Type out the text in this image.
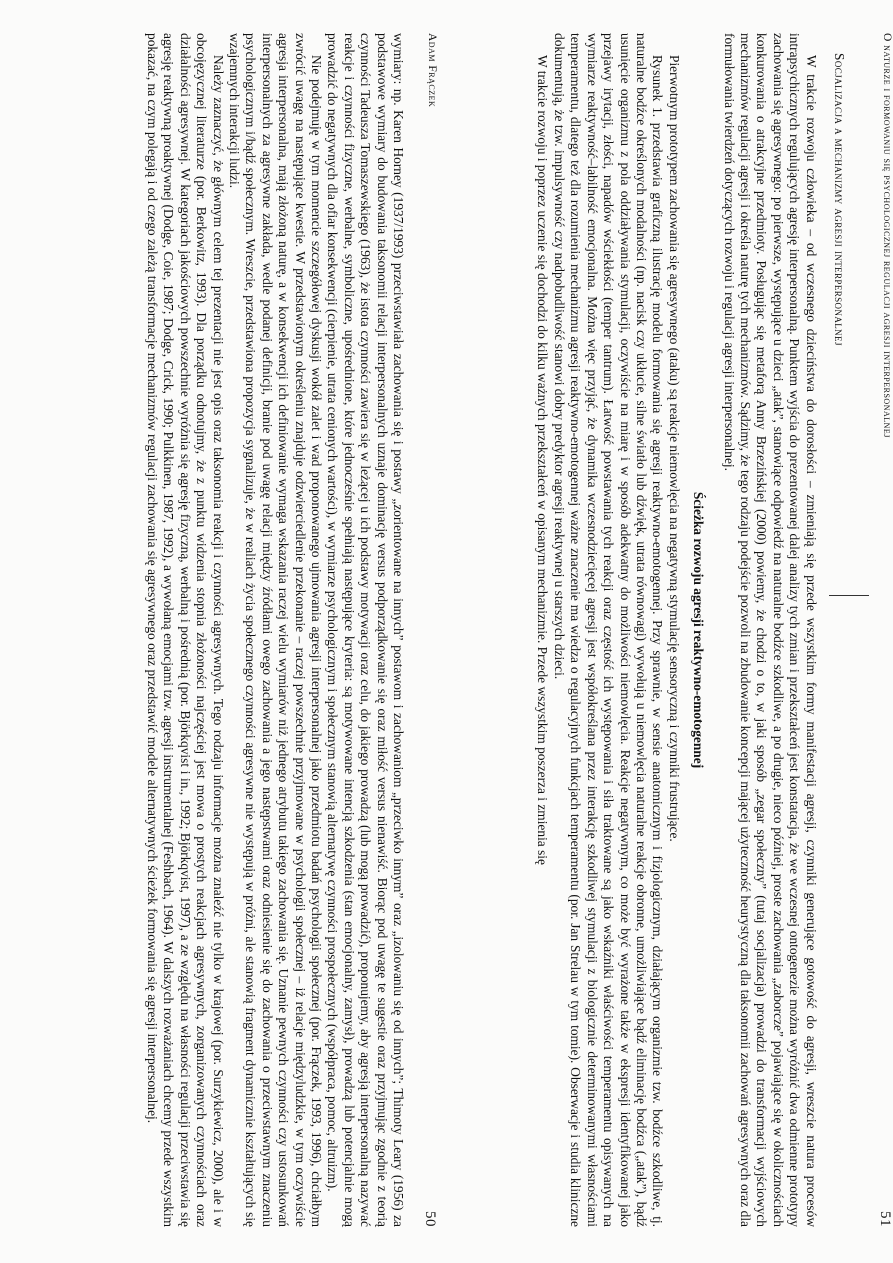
Adam Frączek
50

wymiary: np. Karen Horney (1937/1993) przeciwstawiała zachowania się i postawy „zorientowane na innych” postawom i zachowaniom „przeciwko innym” oraz „izolowaniu się od innych”; Thimoty Leary (1956) za podstawowe wymiary do budowania taksonomii relacji interpersonalnych uznaje dominację versus podporządkowanie się oraz miłość versus nienawiść. Biorąc pod uwagę te sugestie oraz przyjmując zgodnie z teorią czynności Tadeusza Tomaszewskiego (1963), że istota czynności zawiera się w leżącej u ich podstawy motywacji oraz celu, do jakiego prowadzą (lub mogą prowadzić), proponujemy, aby agresją interpersonalną nazywać reakcje i czynności fizyczne, werbalne, symboliczne, upośrednione, które jednocześnie spełniają następujące kryteria: są motywowane intencją szkodzenia (stan emocjonalny, zamysł), prowadzą lub potencjalnie mogą prowadzić do negatywnych dla ofiar konsekwencji (cierpienie, utrata cenionych wartości), w wymiarze psychologicznym i społecznym stanowią alternatywę czynności prospołecznych (współpraca, pomoc, altruizm).

Nie podejmuję w tym momencie szczegółowej dyskusji wokół zalet i wad proponowanego ujmowania agresji interpersonalnej jako przedmiotu badań psychologii społecznej (por. Frączek, 1993, 1996), chciałbym zwrócić uwagę na następujące kwestie. W przedstawionym określeniu znajduje odzwierciedlenie przekonanie – raczej powszechnie przyjmowane w psychologii społecznej – iż relacje międzyludzkie, w tym oczywiście agresja interpersonalna, mają złożoną naturę, a w konsekwencji ich definiowanie wymaga wskazania raczej wielu wymiarów niż jednego atrybutu takiego zachowania się. Uznanie pewnych czynności czy ustosunkowań interpersonalnych za agresywne zakłada, wedle podanej definicji, branie pod uwagę relacji między źródłami owego zachowania a jego następstwami oraz odniesienie się do zachowania o przeciwstawnym znaczeniu psychologicznym i/bądź społecznym. Wreszcie, przedstawiona propozycja sygnalizuje, że w realiach życia społecznego czynności agresywne nie występują w próżni, ale stanowią fragment dynamicznie kształtujących się wzajemnych interakcji ludzi.

Należy zaznaczyć, że głównym celem tej prezentacji nie jest opis oraz taksonomia reakcji i czynności agresywnych. Tego rodzaju informacje można znaleźć nie tylko w krajowej (por. Surzykiewicz, 2000), ale i w obcojęzycznej literaturze (por. Berkowitz, 1993). Dla porządku odnotujmy, że z punktu widzenia stopnia złożoności najczęściej jest mowa o prostych reakcjach agresywnych, zorganizowanych czynnościach oraz działalności agresywnej. W kategoriach jakościowych powszechnie wyróżnia się agresję fizyczną, werbalną i pośrednią (por. Björkqvist i in., 1992; Björkqvist, 1997), a ze względu na własności regulacji przeciwstawia się agresję reaktywną proaktywnej (Dodge, Coie, 1987; Dodge, Crick, 1990; Pulkkinen, 1987, 1992), a wywołaną emocjami tzw. agresji instrumentalnej (Feshbach, 1964). W dalszych rozważaniach chcemy przede wszystkim pokazać, na czym polegają i od czego zależą transformacje mechanizmów regulacji zachowania się agresywnego oraz przedstawić modele alternatywnych ścieżek formowania się agresji interpersonalnej.	O naturze i formowaniu się psychologicznej regulacji agresji interpersonalnej
51
Socjalizacja a mechanizmy agresji interpersonalnej

W trakcie rozwoju człowieka – od wczesnego dzieciństwa do dorosłości – zmieniają się przede wszystkim formy manifestacji agresji, czynniki generujące gotowość do agresji, wreszcie natura procesów intrapsychicznych regulujących agresję interpersonalną. Punktem wyjścia do prezentowanej dalej analizy tych zmian i przekształceń jest konstatacja, że we wczesnej ontogenezie można wyróżnić dwa odmienne prototypy zachowania się agresywnego: po pierwsze, występujące u dzieci „atak”, stanowiące odpowiedź na naturalne bodźce szkodliwe, a po drugie, nieco później, proste zachowania „zaborcze” pojawiające się w okolicznościach konkurowania o atrakcyjne przedmioty. Posługując się metaforą Anny Brzezińskiej (2000) powiemy, że chodzi o to, w jaki sposób „zegar społeczny” (tutaj socjalizacja) prowadzi do transformacji wyjściowych mechanizmów regulacji agresji i określa naturę tych mechanizmów. Sądzimy, że tego rodzaju podejście pozwoli na zbudowanie koncepcji mającej użyteczność heurystyczną dla taksonomii zachowań agresywnych oraz dla formułowania twierdzeń dotyczących rozwoju i regulacji agresji interpersonalnej.

Ścieżka rozwoju agresji reaktywno-emotogennej

Pierwotnym prototypem zachowania się agresywnego (ataku) są reakcje niemowlęcia na negatywną stymulację sensoryczną i czynniki frustrujące.

Rysunek 1. przedstawia graficzną ilustrację modelu formowania się agresji reaktywno-emotogennej. Przy sprawnie, w sensie anatomicznym i fizjologicznym, działającym organizmie tzw. bodźce szkodliwe, tj. naturalne bodźce określonych modalności (np. nacisk czy ukłucie, silne światło lub dźwięk, utrata równowagi) wywołują u niemowlęcia naturalne reakcje obronne, umożliwiające bądź eliminację bodźca („atak”), bądź usunięcie organizmu z pola oddziaływania stymulacji, oczywiście na miarę i w sposób adekwatny do możliwości niemowlęcia. Reakcje negatywnym, co może być wyrażone także w ekspresji identyfikowanej jako przejawy irytacji, złości, napadów wściekłości (temper tantrum). Łatwość powstawania tych reakcji oraz częstość ich występowania i siła traktowane są jako wskaźniki właściwości temperamentu opisywanych na wymiarze reaktywność–labilność emocjonalna. Można więc przyjąć, że dynamika wczesnodziecięcej agresji jest współokreślana przez interakcję szkodliwej stymulacji z biologicznie determinowanymi własnościami temperamentu, dlatego też dla rozumienia mechanizmu agresji reaktywno-emotogennej ważne znaczenie ma wiedza o regulacyjnych funkcjach temperamentu (por. Jan Strelau w tym tomie). Obserwacje i studia kliniczne dokumentują, że tzw. impulsywność czy nadpobudliwość stanowi dobry predyktor agresji reaktywnej u starszych dzieci.

W trakcie rozwoju i poprzez uczenie się dochodzi do kilku ważnych przekształceń w opisanym mechanizmie. Przede wszystkim poszerza i zmienia się
